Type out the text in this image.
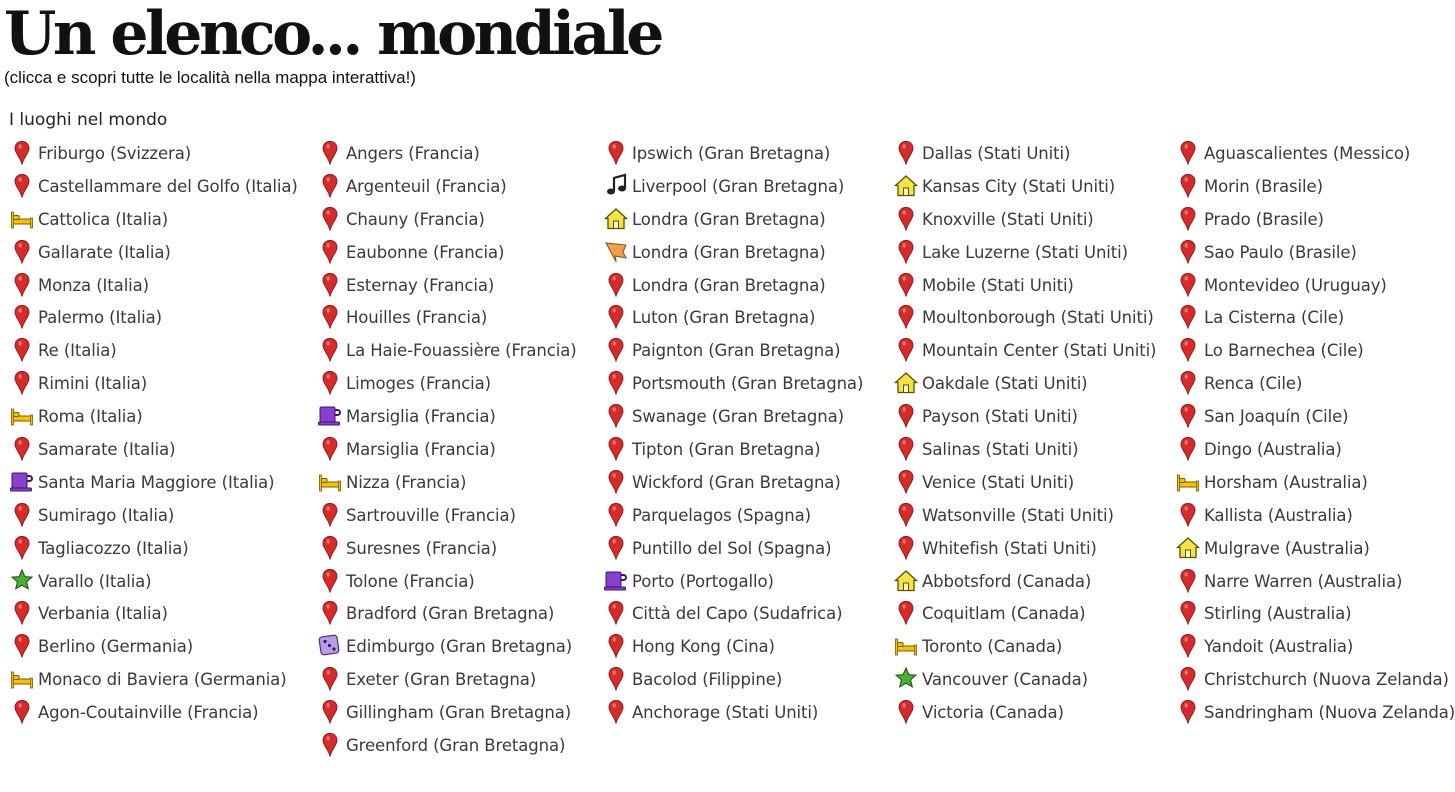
Un elenco... mondiale
(clicca e scopri tutte le località nella mappa interattiva!)
I luoghi nel mondo
Friburgo (Svizzera)
Castellammare del Golfo (Italia)
Cattolica (Italia)
Gallarate (Italia)
Monza (Italia)
Palermo (Italia)
Re (Italia)
Rimini (Italia)
Roma (Italia)
Samarate (Italia)
Santa Maria Maggiore (Italia)
Sumirago (Italia)
Tagliacozzo (Italia)
Varallo (Italia)
Verbania (Italia)
Berlino (Germania)
Monaco di Baviera (Germania)
Agon-Coutainville (Francia)
Angers (Francia)
Argenteuil (Francia)
Chauny (Francia)
Eaubonne (Francia)
Esternay (Francia)
Houilles (Francia)
La Haie-Fouassière (Francia)
Limoges (Francia)
Marsiglia (Francia)
Marsiglia (Francia)
Nizza (Francia)
Sartrouville (Francia)
Suresnes (Francia)
Tolone (Francia)
Bradford (Gran Bretagna)
Edimburgo (Gran Bretagna)
Exeter (Gran Bretagna)
Gillingham (Gran Bretagna)
Greenford (Gran Bretagna)
Ipswich (Gran Bretagna)
Liverpool (Gran Bretagna)
Londra (Gran Bretagna)
Londra (Gran Bretagna)
Londra (Gran Bretagna)
Luton (Gran Bretagna)
Paignton (Gran Bretagna)
Portsmouth (Gran Bretagna)
Swanage (Gran Bretagna)
Tipton (Gran Bretagna)
Wickford (Gran Bretagna)
Parquelagos (Spagna)
Puntillo del Sol (Spagna)
Porto (Portogallo)
Città del Capo (Sudafrica)
Hong Kong (Cina)
Bacolod (Filippine)
Anchorage (Stati Uniti)
Dallas (Stati Uniti)
Kansas City (Stati Uniti)
Knoxville (Stati Uniti)
Lake Luzerne (Stati Uniti)
Mobile (Stati Uniti)
Moultonborough (Stati Uniti)
Mountain Center (Stati Uniti)
Oakdale (Stati Uniti)
Payson (Stati Uniti)
Salinas (Stati Uniti)
Venice (Stati Uniti)
Watsonville (Stati Uniti)
Whitefish (Stati Uniti)
Abbotsford (Canada)
Coquitlam (Canada)
Toronto (Canada)
Vancouver (Canada)
Victoria (Canada)
Aguascalientes (Messico)
Morin (Brasile)
Prado (Brasile)
Sao Paulo (Brasile)
Montevideo (Uruguay)
La Cisterna (Cile)
Lo Barnechea (Cile)
Renca (Cile)
San Joaquín (Cile)
Dingo (Australia)
Horsham (Australia)
Kallista (Australia)
Mulgrave (Australia)
Narre Warren (Australia)
Stirling (Australia)
Yandoit (Australia)
Christchurch (Nuova Zelanda)
Sandringham (Nuova Zelanda)
